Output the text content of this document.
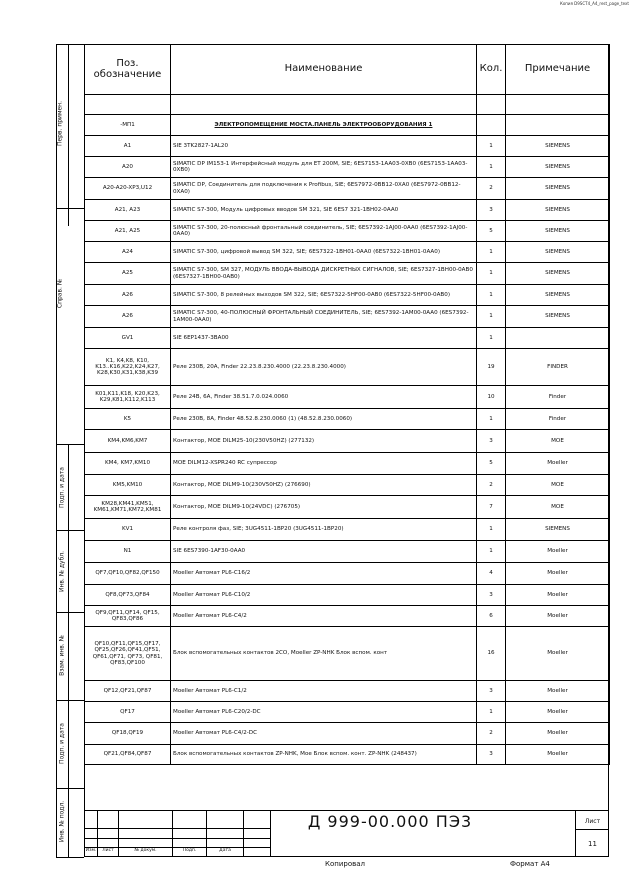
Копия D9SCT4_A4_rest_page_text
Поз. обозначение	Наименование	Кол.	Примечание

-MП1	ЭЛЕКТРОПОМЕЩЕНИЕ МОСТА.ПАНЕЛЬ ЭЛЕКТРООБОРУДОВАНИЯ 1		
A1	SIE 3TK2827-1AL20	1	SIEMENS
A20	SIMATIC DP IM153-1 Интерфейсный модуль для ET 200M, SIE; 6ES7153-1AA03-0XB0 (6ES7153-1AA03-0XB0)	1	SIEMENS
A20-A20-XP3,U12	SIMATIC DP, Соединитель для подключения к Profibus, SIE; 6ES7972-0BB12-0XA0 (6ES7972-0BB12-0XA0)	2	SIEMENS
A21, A23	SIMATIC S7-300, Модуль цифровых вводов SM 321, SIE 6ES7 321-1BH02-0AA0	3	SIEMENS
A21, A25	SIMATIC S7-300, 20-полюсный фронтальный соединитель, SIE; 6ES7392-1AJ00-0AA0 (6ES7392-1AJ00-0AA0)	5	SIEMENS
A24	SIMATIC S7-300, цифровой вывод SM 322, SIE; 6ES7322-1BH01-0AA0 (6ES7322-1BH01-0AA0)	1	SIEMENS
A25	SIMATIC S7-300, SM 327, МОДУЛЬ ВВОДА-ВЫВОДА ДИСКРЕТНЫХ СИГНАЛОВ, SIE; 6ES7327-1BH00-0AB0 (6ES7327-1BH00-0AB0)	1	SIEMENS
A26	SIMATIC S7-300, 8 релейных выходов SM 322, SIE; 6ES7322-5HF00-0AB0 (6ES7322-5HF00-0AB0)	1	SIEMENS
A26	SIMATIC S7-300, 40-ПОЛЮСНЫЙ ФРОНТАЛЬНЫЙ СОЕДИНИТЕЛЬ, SIE; 6ES7392-1AM00-0AA0 (6ES7392-1AM00-0AA0)	1	SIEMENS
GV1	SIE 6EP1437-3BA00	1	
K1, K4,K8, K10, K13..K16,K22,K24,K27, K28,K30,K31,K38,K39	Реле 230В, 20А, Finder 22.23.8.230.4000 (22.23.8.230.4000)	19	FINDER
K01,K11,K18, K20,K23, K29,K81,K112,K113	Реле 24В, 6А, Finder 38.51.7.0.024.0060	10	Finder
K5	Реле 230В, 8А, Finder 48.52.8.230.0060 (1) (48.52.8.230.0060)	1	Finder
KM4,KM6,KM7	Контактор, MOE DILM25-10(230V50HZ) (277132)	3	MOE
KM4, KM7,KM10	MOE DILM12-XSPR240 RC супрессор	5	Moeller
KM5,KM10	Контактор, MOE DILM9-10(230V50HZ) (276690)	2	MOE
KM28,KM41,KM51, KM61,KM71,KM72,KM81	Контактор, MOE DILM9-10(24VDC) (276705)	7	MOE
KV1	Реле контроля фаз, SIE; 3UG4511-1BP20 (3UG4511-1BP20)	1	SIEMENS
N1	SIE 6ES7390-1AF30-0AA0	1	Moeller
QF7,QF10,QF82,QF150	Moeller Автомат PL6-C16/2	4	Moeller
QF8,QF73,QF84	Moeller Автомат PL6-C10/2	3	Moeller
QF9,QF11,QF14, QF15, QF83,QF86	Moeller Автомат PL6-C4/2	6	Moeller
QF10,QF11,QF15,QF17, QF25,QF26,QF41,QF51, QF61,QF71, QF73, QF81, QF83,QF100	Блок вспомогательных контактов 2CO, Moeller ZP-NHK Блок вспом. конт	16	Moeller
QF12,QF21,QF87	Moeller Автомат PL6-C1/2	3	Moeller
QF17	Moeller Автомат PL6-C20/2-DC	1	Moeller
QF18,QF19	Moeller Автомат PL6-C4/2-DC	2	Moeller
QF21,QF84,QF87	Блок вспомогательных контактов ZP-NHK, Moe Блок вспом. конт. ZP-NHK (248437)	3	Moeller
Д 999-00.000 ПЭ3
Изм.	Лист	№ докум.	Подп.	Дата
Лист
11
Копировал	Формат А4
Перв. примен.
Справ. №
Подп. и дата
Инв. № дубл.
Взам. инв. №
Подп. и дата
Инв. № подл.
